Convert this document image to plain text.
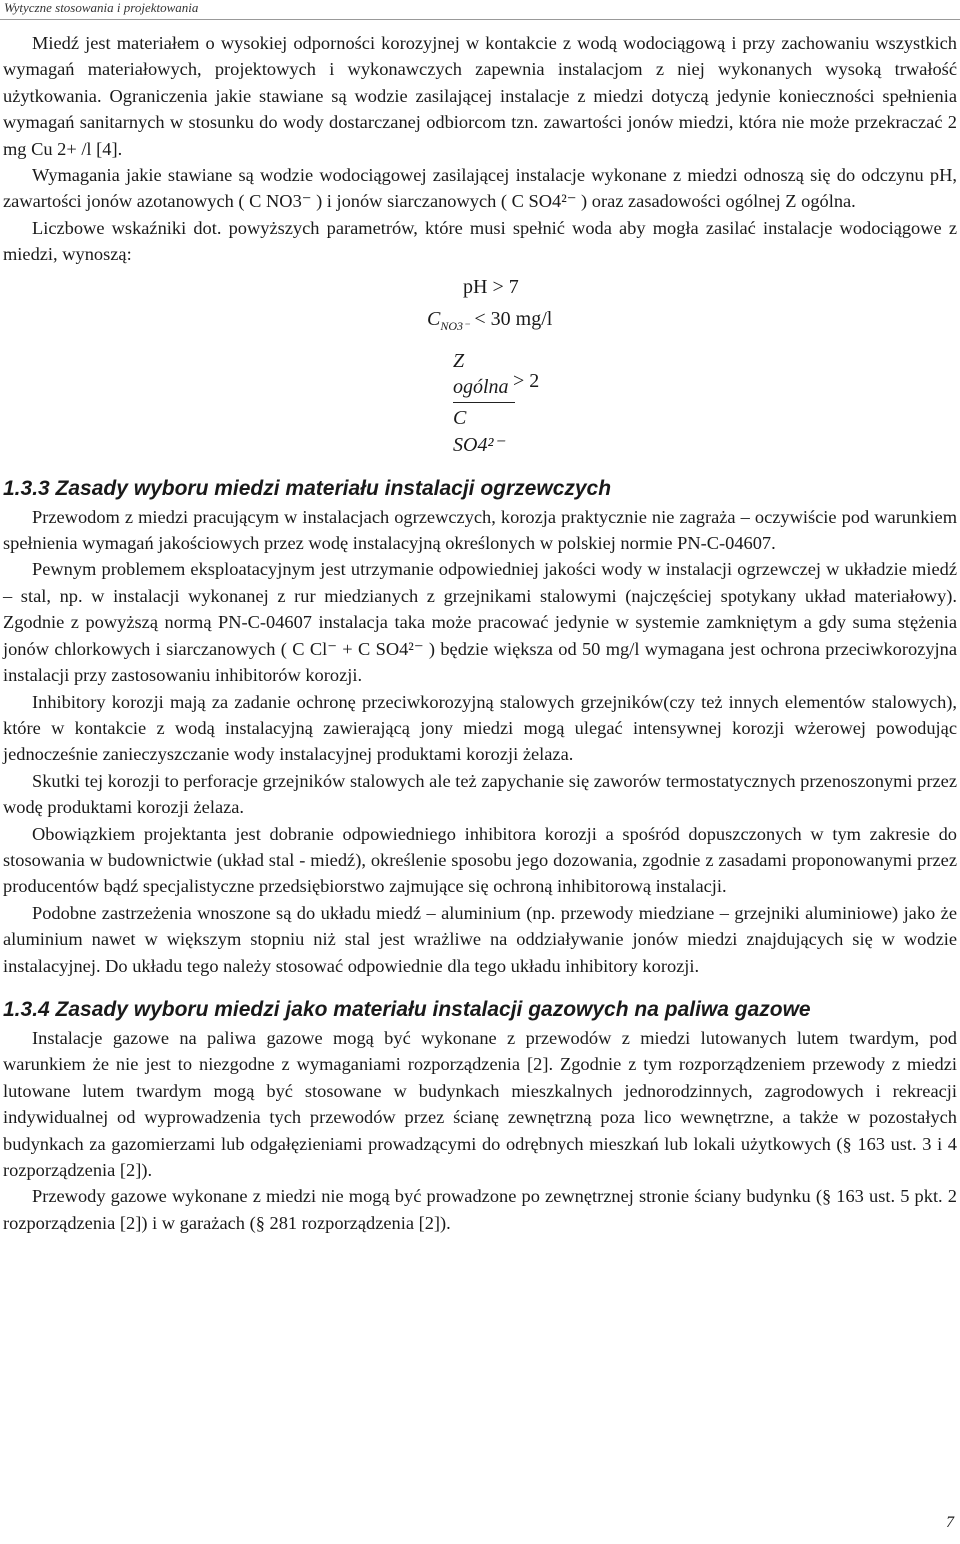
Wytyczne stosowania i projektowania

Miedź jest materiałem o wysokiej odporności korozyjnej w kontakcie z wodą wodociągową i przy zachowaniu wszystkich wymagań materiałowych, projektowych i wykonawczych zapewnia instalacjom z niej wykonanych wysoką trwałość użytkowania. Ograniczenia jakie stawiane są wodzie zasilającej instalacje z miedzi dotyczą jedynie konieczności spełnienia wymagań sanitarnych w stosunku do wody dostarczanej odbiorcom tzn. zawartości jonów miedzi, która nie może przekraczać 2 mg Cu 2+ /l [4].

Wymagania jakie stawiane są wodzie wodociągowej zasilającej instalacje wykonane z miedzi odnoszą się do odczynu pH, zawartości jonów azotanowych ( C NO3⁻ ) i jonów siarczanowych ( C SO4²⁻ ) oraz zasadowości ogólnej Z ogólna.

Liczbowe wskaźniki dot. powyższych parametrów, które musi spełnić woda aby mogła zasilać instalacje wodociągowe z miedzi, wynoszą:

pH > 7
$C_{NO3^-} < 30$ mg/l
Z ogólna
C SO4²⁻
> 2
1.3.3 Zasady wyboru miedzi materiału instalacji ogrzewczych

Przewodom z miedzi pracującym w instalacjach ogrzewczych, korozja praktycznie nie zagraża – oczywiście pod warunkiem spełnienia wymagań jakościowych przez wodę instalacyjną określonych w polskiej normie PN-C-04607.

Pewnym problemem eksploatacyjnym jest utrzymanie odpowiedniej jakości wody w instalacji ogrzewczej w układzie miedź – stal, np. w instalacji wykonanej z rur miedzianych z grzejnikami stalowymi (najczęściej spotykany układ materiałowy). Zgodnie z powyższą normą PN-C-04607 instalacja taka może pracować jedynie w systemie zamkniętym a gdy suma stężenia jonów chlorkowych i siarczanowych ( C Cl⁻ + C SO4²⁻ ) będzie większa od 50 mg/l wymagana jest ochrona przeciwkorozyjna instalacji przy zastosowaniu inhibitorów korozji.

Inhibitory korozji mają za zadanie ochronę przeciwkorozyjną stalowych grzejników(czy też innych elementów stalowych), które w kontakcie z wodą instalacyjną zawierającą jony miedzi mogą ulegać intensywnej korozji wżerowej powodując jednocześnie zanieczyszczanie wody instalacyjnej produktami korozji żelaza.

Skutki tej korozji to perforacje grzejników stalowych ale też zapychanie się zaworów termostatycznych przenoszonymi przez wodę produktami korozji żelaza.

Obowiązkiem projektanta jest dobranie odpowiedniego inhibitora korozji a spośród dopuszczonych w tym zakresie do stosowania w budownictwie (układ stal - miedź), określenie sposobu jego dozowania, zgodnie z zasadami proponowanymi przez producentów bądź specjalistyczne przedsiębiorstwo zajmujące się ochroną inhibitorową instalacji.

Podobne zastrzeżenia wnoszone są do układu miedź – aluminium (np. przewody miedziane – grzejniki aluminiowe) jako że aluminium nawet w większym stopniu niż stal jest wrażliwe na oddziaływanie jonów miedzi znajdujących się w wodzie instalacyjnej. Do układu tego należy stosować odpowiednie dla tego układu inhibitory korozji.

1.3.4 Zasady wyboru miedzi jako materiału instalacji gazowych na paliwa gazowe

Instalacje gazowe na paliwa gazowe mogą być wykonane z przewodów z miedzi lutowanych lutem twardym, pod warunkiem że nie jest to niezgodne z wymaganiami rozporządzenia [2]. Zgodnie z tym rozporządzeniem przewody z miedzi lutowane lutem twardym mogą być stosowane w budynkach mieszkalnych jednorodzinnych, zagrodowych i rekreacji indywidualnej od wyprowadzenia tych przewodów przez ścianę zewnętrzną poza lico wewnętrzne, a także w pozostałych budynkach za gazomierzami lub odgałęzieniami prowadzącymi do odrębnych mieszkań lub lokali użytkowych (§ 163 ust. 3 i 4 rozporządzenia [2]).

Przewody gazowe wykonane z miedzi nie mogą być prowadzone po zewnętrznej stronie ściany budynku (§ 163 ust. 5 pkt. 2 rozporządzenia [2]) i w garażach (§ 281 rozporządzenia [2]).

7
